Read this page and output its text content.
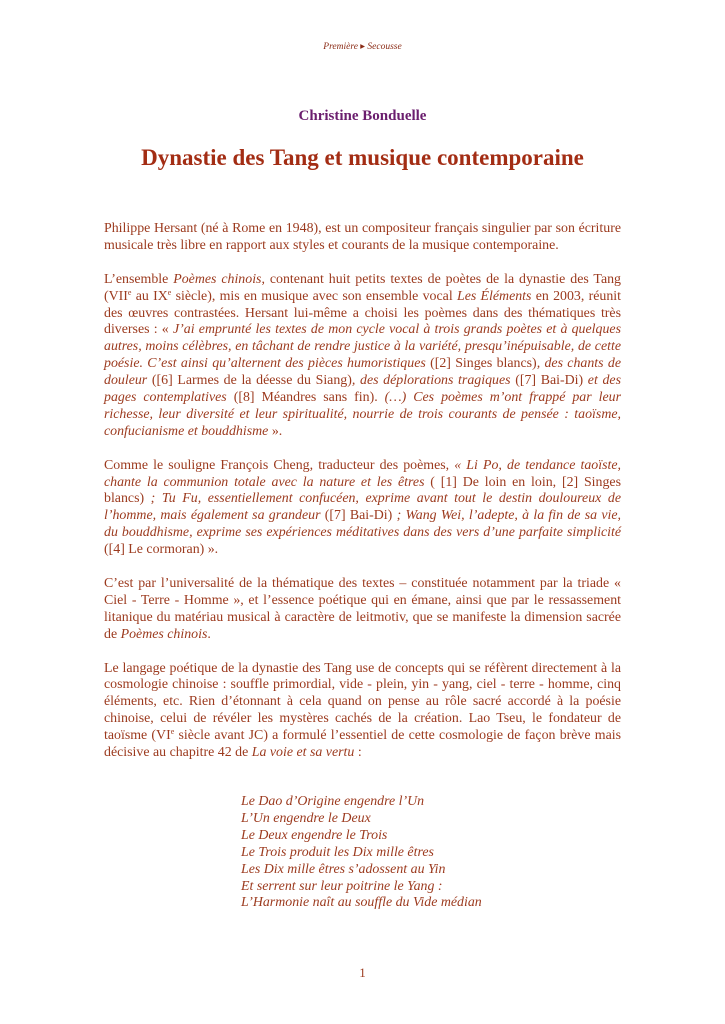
Première ▸ Secousse
Christine Bonduelle
Dynastie des Tang et musique contemporaine

Philippe Hersant (né à Rome en 1948), est un compositeur français singulier par son écriture musicale très libre en rapport aux styles et courants de la musique contemporaine.

L’ensemble Poèmes chinois, contenant huit petits textes de poètes de la dynastie des Tang (VIIe au IXe siècle), mis en musique avec son ensemble vocal Les Éléments en 2003, réunit des œuvres contrastées. Hersant lui-même a choisi les poèmes dans des thématiques très diverses : « J’ai emprunté les textes de mon cycle vocal à trois grands poètes et à quelques autres, moins célèbres, en tâchant de rendre justice à la variété, presqu’inépuisable, de cette poésie. C’est ainsi qu’alternent des pièces humoristiques ([2] Singes blancs), des chants de douleur ([6] Larmes de la déesse du Siang), des déplorations tragiques ([7] Bai-Di) et des pages contemplatives ([8] Méandres sans fin). (…) Ces poèmes m’ont frappé par leur richesse, leur diversité et leur spiritualité, nourrie de trois courants de pensée : taoïsme, confucianisme et bouddhisme ».

Comme le souligne François Cheng, traducteur des poèmes, « Li Po, de tendance taoïste, chante la communion totale avec la nature et les êtres ( [1] De loin en loin, [2] Singes blancs) ; Tu Fu, essentiellement confucéen, exprime avant tout le destin douloureux de l’homme, mais également sa grandeur ([7] Bai-Di) ; Wang Wei, l’adepte, à la fin de sa vie, du bouddhisme, exprime ses expériences méditatives dans des vers d’une parfaite simplicité ([4] Le cormoran) ».

C’est par l’universalité de la thématique des textes – constituée notamment par la triade « Ciel - Terre - Homme », et l’essence poétique qui en émane, ainsi que par le ressassement litanique du matériau musical à caractère de leitmotiv, que se manifeste la dimension sacrée de Poèmes chinois.

Le langage poétique de la dynastie des Tang use de concepts qui se réfèrent directement à la cosmologie chinoise : souffle primordial, vide - plein, yin - yang, ciel - terre - homme, cinq éléments, etc. Rien d’étonnant à cela quand on pense au rôle sacré accordé à la poésie chinoise, celui de révéler les mystères cachés de la création. Lao Tseu, le fondateur de taoïsme (VIe siècle avant JC) a formulé l’essentiel de cette cosmologie de façon brève mais décisive au chapitre 42 de La voie et sa vertu :

Le Dao d’Origine engendre l’Un
L’Un engendre le Deux
Le Deux engendre le Trois
Le Trois produit les Dix mille êtres
Les Dix mille êtres s’adossent au Yin
Et serrent sur leur poitrine le Yang :
L’Harmonie naît au souffle du Vide médian
1
